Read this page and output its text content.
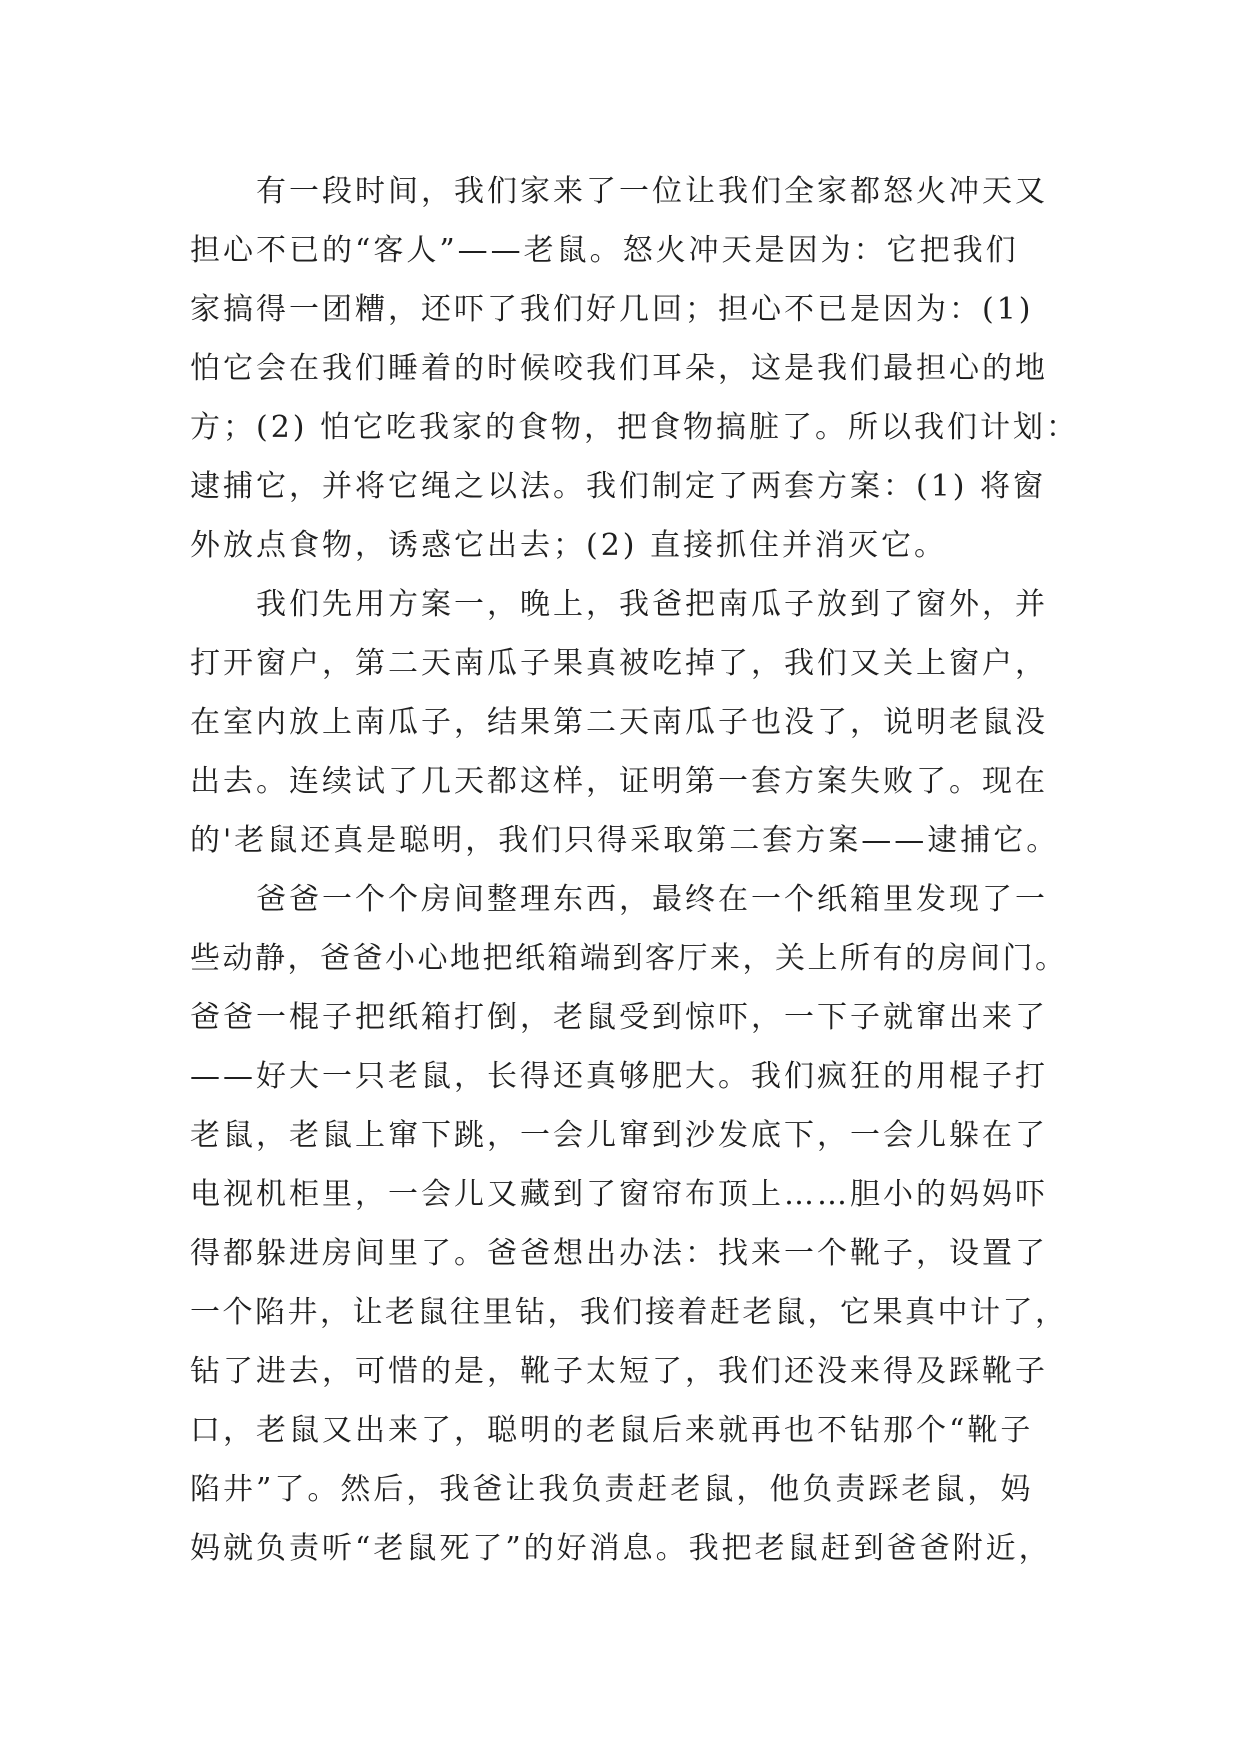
有一段时间，我们家来了一位让我们全家都怒火冲天又
担心不已的“客人”——老鼠。怒火冲天是因为：它把我们
家搞得一团糟，还吓了我们好几回；担心不已是因为：(1)
怕它会在我们睡着的时候咬我们耳朵，这是我们最担心的地
方；(2) 怕它吃我家的食物，把食物搞脏了。所以我们计划：
逮捕它，并将它绳之以法。我们制定了两套方案：(1) 将窗
外放点食物，诱惑它出去；(2) 直接抓住并消灭它。
我们先用方案一，晚上，我爸把南瓜子放到了窗外，并
打开窗户，第二天南瓜子果真被吃掉了，我们又关上窗户，
在室内放上南瓜子，结果第二天南瓜子也没了，说明老鼠没
出去。连续试了几天都这样，证明第一套方案失败了。现在
的'老鼠还真是聪明，我们只得采取第二套方案——逮捕它。
爸爸一个个房间整理东西，最终在一个纸箱里发现了一
些动静，爸爸小心地把纸箱端到客厅来，关上所有的房间门。
爸爸一棍子把纸箱打倒，老鼠受到惊吓，一下子就窜出来了
——好大一只老鼠，长得还真够肥大。我们疯狂的用棍子打
老鼠，老鼠上窜下跳，一会儿窜到沙发底下，一会儿躲在了
电视机柜里，一会儿又藏到了窗帘布顶上……胆小的妈妈吓
得都躲进房间里了。爸爸想出办法：找来一个靴子，设置了
一个陷井，让老鼠往里钻，我们接着赶老鼠，它果真中计了，
钻了进去，可惜的是，靴子太短了，我们还没来得及踩靴子
口，老鼠又出来了，聪明的老鼠后来就再也不钻那个“靴子
陷井”了。然后，我爸让我负责赶老鼠，他负责踩老鼠，妈
妈就负责听“老鼠死了”的好消息。我把老鼠赶到爸爸附近，
